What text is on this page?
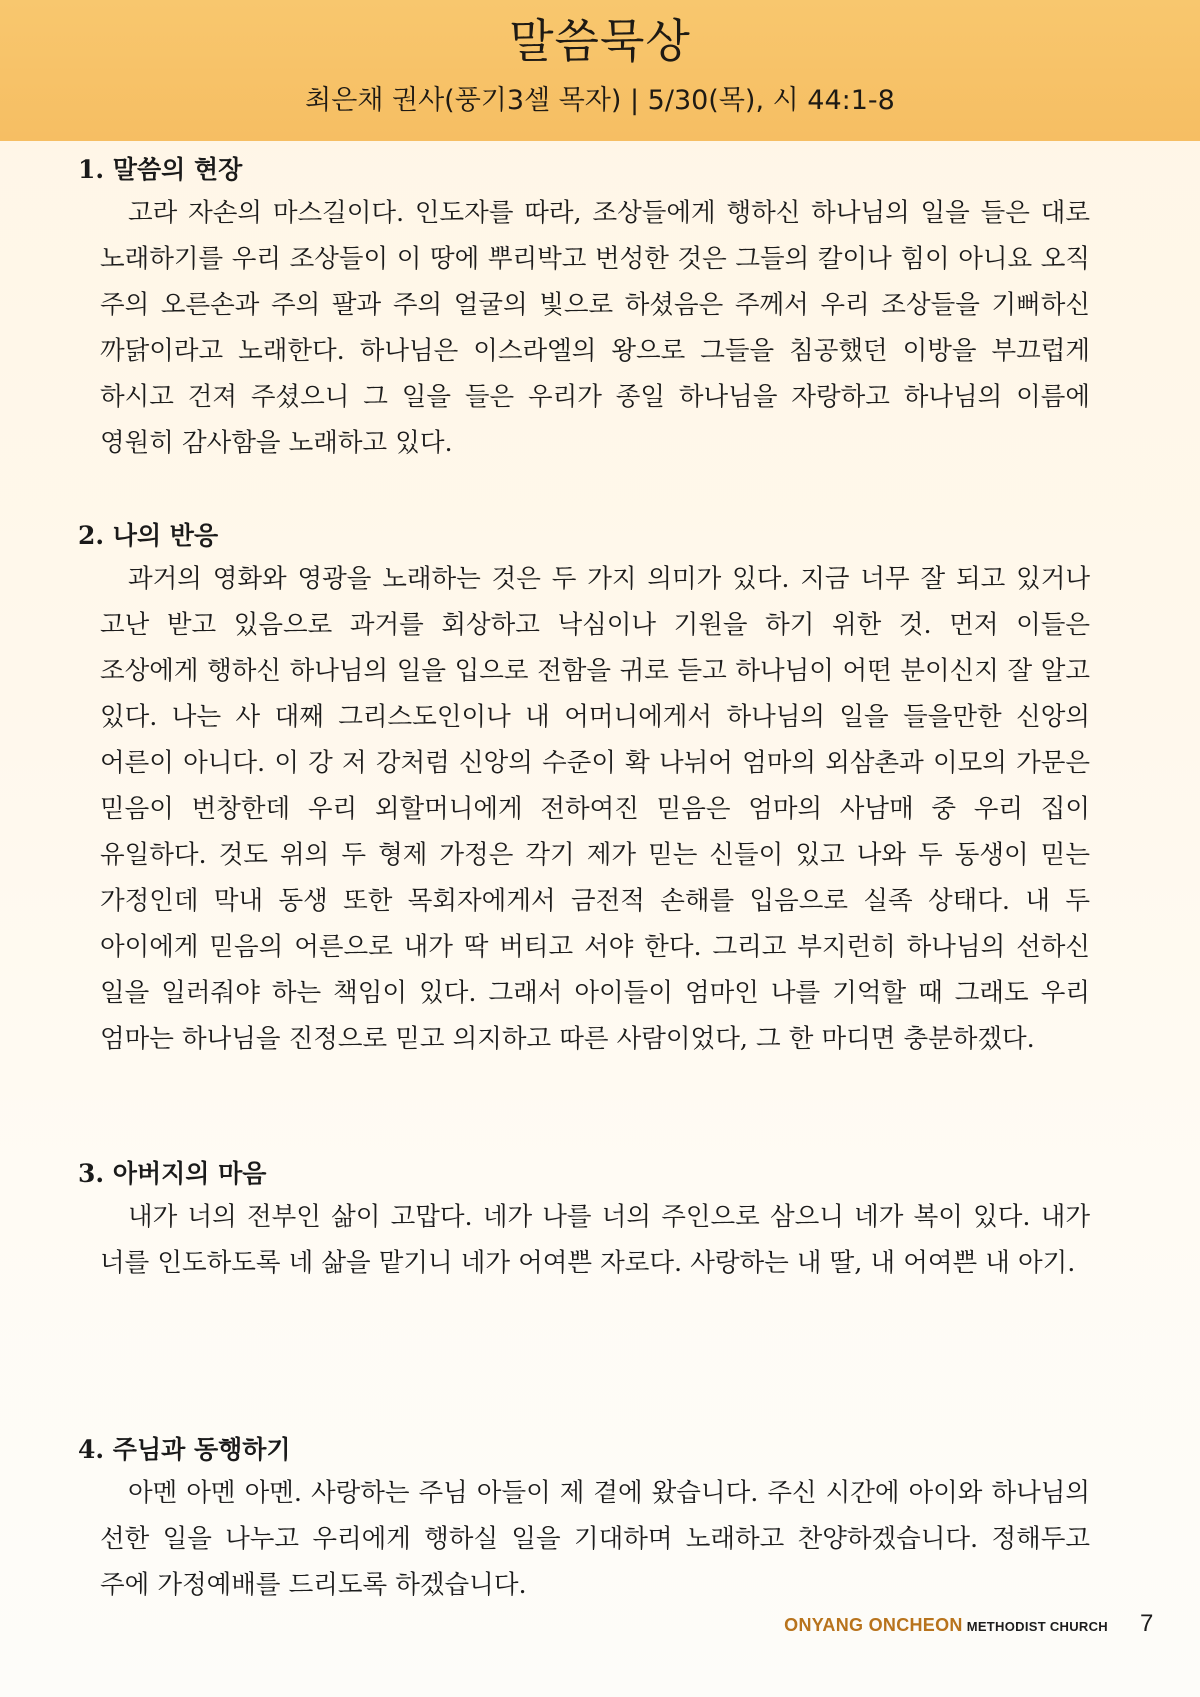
말씀묵상
최은채 권사(풍기3셀 목자) | 5/30(목), 시 44:1-8
1. 말씀의 현장
고라 자손의 마스길이다. 인도자를 따라, 조상들에게 행하신 하나님의 일을 들은 대로 노래하기를 우리 조상들이 이 땅에 뿌리박고 번성한 것은 그들의 칼이나 힘이 아니요 오직 주의 오른손과 주의 팔과 주의 얼굴의 빛으로 하셨음은 주께서 우리 조상들을 기뻐하신 까닭이라고 노래한다. 하나님은 이스라엘의 왕으로 그들을 침공했던 이방을 부끄럽게 하시고 건져 주셨으니 그 일을 들은 우리가 종일 하나님을 자랑하고 하나님의 이름에 영원히 감사함을 노래하고 있다.
2. 나의 반응
과거의 영화와 영광을 노래하는 것은 두 가지 의미가 있다. 지금 너무 잘 되고 있거나 고난 받고 있음으로 과거를 회상하고 낙심이나 기원을 하기 위한 것. 먼저 이들은 조상에게 행하신 하나님의 일을 입으로 전함을 귀로 듣고 하나님이 어떤 분이신지 잘 알고 있다. 나는 사 대째 그리스도인이나 내 어머니에게서 하나님의 일을 들을만한 신앙의 어른이 아니다. 이 강 저 강처럼 신앙의 수준이 확 나뉘어 엄마의 외삼촌과 이모의 가문은 믿음이 번창한데 우리 외할머니에게 전하여진 믿음은 엄마의 사남매 중 우리 집이 유일하다. 것도 위의 두 형제 가정은 각기 제가 믿는 신들이 있고 나와 두 동생이 믿는 가정인데 막내 동생 또한 목회자에게서 금전적 손해를 입음으로 실족 상태다. 내 두 아이에게 믿음의 어른으로 내가 딱 버티고 서야 한다. 그리고 부지런히 하나님의 선하신 일을 일러줘야 하는 책임이 있다. 그래서 아이들이 엄마인 나를 기억할 때 그래도 우리 엄마는 하나님을 진정으로 믿고 의지하고 따른 사람이었다, 그 한 마디면 충분하겠다.
3. 아버지의 마음
내가 너의 전부인 삶이 고맙다. 네가 나를 너의 주인으로 삼으니 네가 복이 있다. 내가 너를 인도하도록 네 삶을 맡기니 네가 어여쁜 자로다. 사랑하는 내 딸, 내 어여쁜 내 아기.
4. 주님과 동행하기
아멘 아멘 아멘. 사랑하는 주님 아들이 제 곁에 왔습니다. 주신 시간에 아이와 하나님의 선한 일을 나누고 우리에게 행하실 일을 기대하며 노래하고 찬양하겠습니다. 정해두고 주에 가정예배를 드리도록 하겠습니다.
ONYANG ONCHEON METHODIST CHURCH 7
